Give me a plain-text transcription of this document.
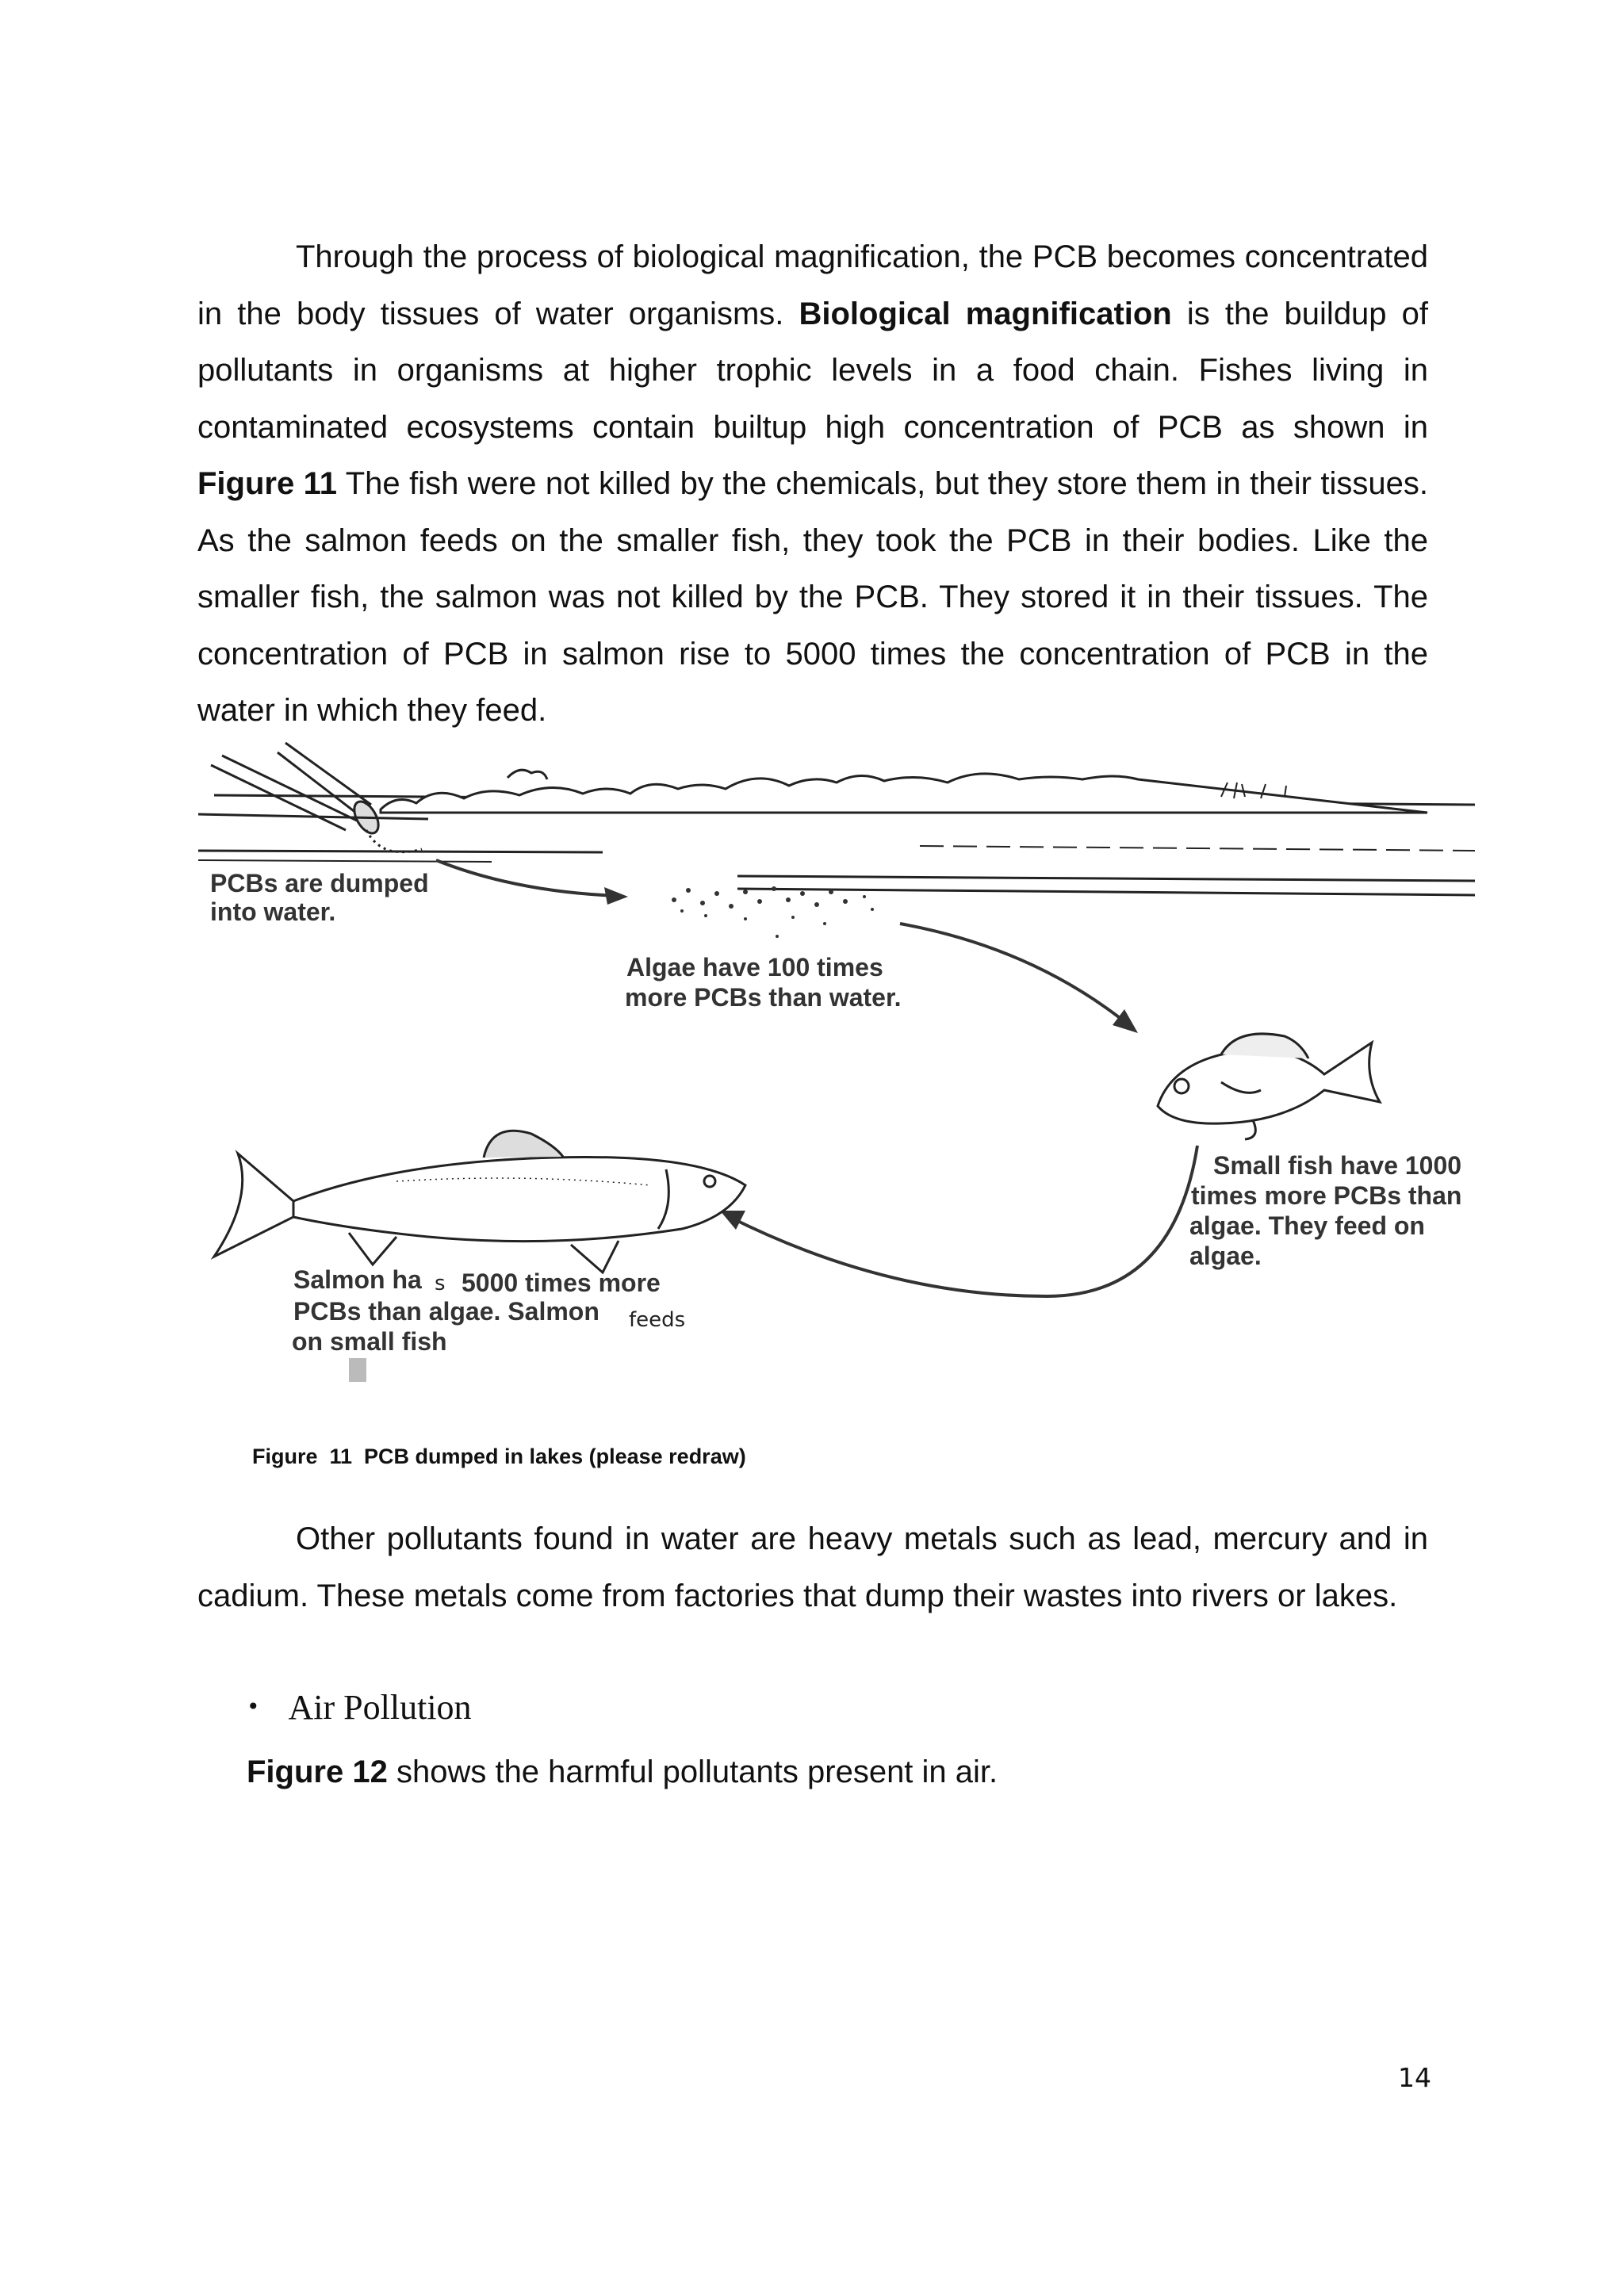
Through the process of biological magnification, the PCB becomes concentrated in the body tissues of water organisms. Biological magnification is the buildup of pollutants in organisms at higher trophic levels in a food chain. Fishes living in contaminated ecosystems contain builtup high concentration of PCB as shown in Figure 11 The fish were not killed by the chemicals, but they store them in their tissues. As the salmon feeds on the smaller fish, they took the PCB in their bodies. Like the smaller fish, the salmon was not killed by the PCB. They stored it in their tissues. The concentration of PCB in salmon rise to 5000 times the concentration of PCB in the water in which they feed.
PCBs are dumped
into water.
Algae have 100 times
more PCBs than water.
Small fish have 1000
times more PCBs than
algae. They feed on
algae.
Salmon ha s 5000 times more
PCBs than algae. Salmon feeds
on small fish
Figure  11  PCB dumped in lakes (please redraw)
Other pollutants found in water are heavy metals such as lead, mercury and in cadium. These metals come from factories that dump their wastes into rivers or lakes.
• Air Pollution
Figure 12 shows the harmful pollutants present in air.
14
